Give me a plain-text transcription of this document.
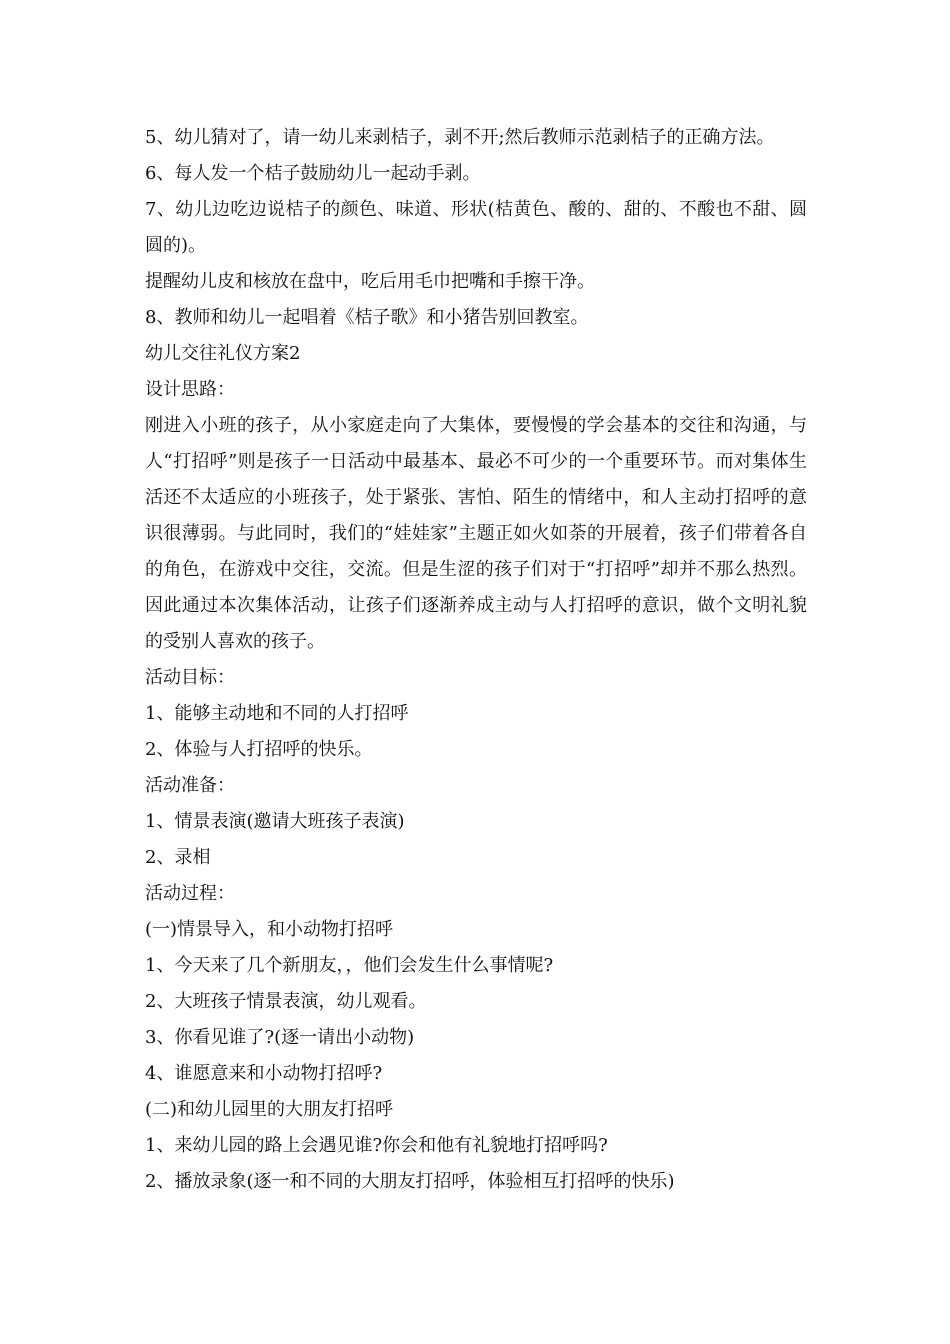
5、幼儿猜对了，请一幼儿来剥桔子，剥不开;然后教师示范剥桔子的正确方法。

6、每人发一个桔子鼓励幼儿一起动手剥。

7、幼儿边吃边说桔子的颜色、味道、形状(桔黄色、酸的、甜的、不酸也不甜、圆圆的)。

提醒幼儿皮和核放在盘中，吃后用毛巾把嘴和手擦干净。

8、教师和幼儿一起唱着《桔子歌》和小猪告别回教室。

幼儿交往礼仪方案2

设计思路：

刚进入小班的孩子，从小家庭走向了大集体，要慢慢的学会基本的交往和沟通，与人“打招呼”则是孩子一日活动中最基本、最必不可少的一个重要环节。而对集体生活还不太适应的小班孩子，处于紧张、害怕、陌生的情绪中，和人主动打招呼的意识很薄弱。与此同时，我们的“娃娃家”主题正如火如荼的开展着，孩子们带着各自的角色，在游戏中交往，交流。但是生涩的孩子们对于“打招呼”却并不那么热烈。因此通过本次集体活动，让孩子们逐渐养成主动与人打招呼的意识，做个文明礼貌的受别人喜欢的孩子。

活动目标：

1、能够主动地和不同的人打招呼

2、体验与人打招呼的快乐。

活动准备：

1、情景表演(邀请大班孩子表演)

2、录相

活动过程：

(一)情景导入，和小动物打招呼

1、今天来了几个新朋友，，他们会发生什么事情呢?

2、大班孩子情景表演，幼儿观看。

3、你看见谁了?(逐一请出小动物)

4、谁愿意来和小动物打招呼?

(二)和幼儿园里的大朋友打招呼

1、来幼儿园的路上会遇见谁?你会和他有礼貌地打招呼吗?

2、播放录象(逐一和不同的大朋友打招呼，体验相互打招呼的快乐)
